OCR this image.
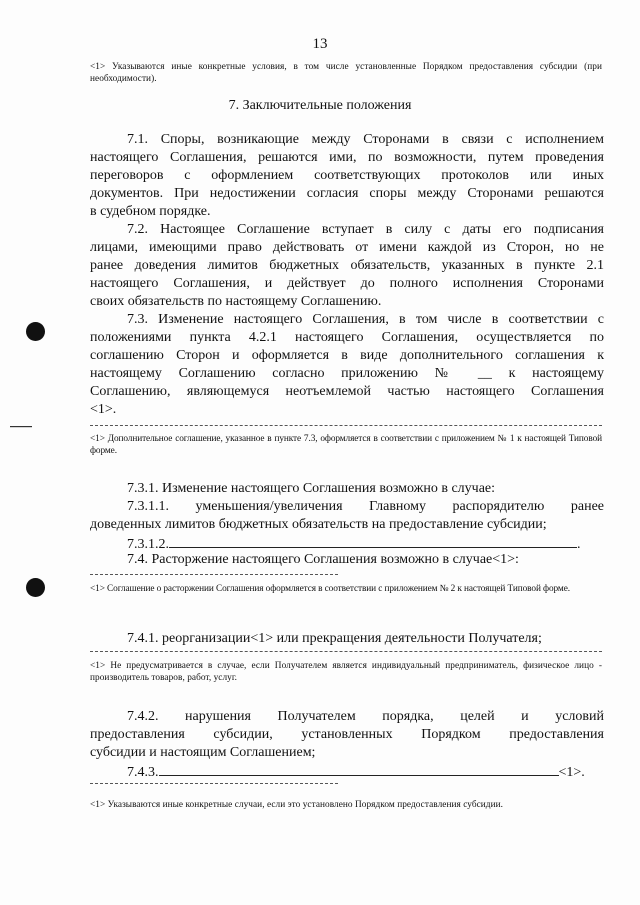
13
<1> Указываются иные конкретные условия, в том числе установленные Порядком предоставления субсидии (при необходимости).
7. Заключительные положения
7.1. Споры, возникающие между Сторонами в связи с исполнением
настоящего Соглашения, решаются ими, по возможности, путем проведения
переговоров с оформлением соответствующих протоколов или иных
документов. При недостижении согласия споры между Сторонами решаются
в судебном порядке.
7.2. Настоящее Соглашение вступает в силу с даты его подписания
лицами, имеющими право действовать от имени каждой из Сторон, но не
ранее доведения лимитов бюджетных обязательств, указанных в пункте 2.1
настоящего Соглашения, и действует до полного исполнения Сторонами
своих обязательств по настоящему Соглашению.
7.3. Изменение настоящего Соглашения, в том числе в соответствии с
положениями пункта 4.2.1 настоящего Соглашения, осуществляется по
соглашению Сторон и оформляется в виде дополнительного соглашения к
настоящему Соглашению согласно приложению № __ к настоящему
Соглашению, являющемуся неотъемлемой частью настоящего Соглашения
<1>.
<1> Дополнительное соглашение, указанное в пункте 7.3, оформляется в соответствии с приложением № 1 к настоящей Типовой форме.
7.3.1. Изменение настоящего Соглашения возможно в случае:
7.3.1.1. уменьшения/увеличения Главному распорядителю ранее
доведенных лимитов бюджетных обязательств на предоставление субсидии;
7.3.1.2.	.
7.4. Расторжение настоящего Соглашения возможно в случае<1>:
<1> Соглашение о расторжении Соглашения оформляется в соответствии с приложением № 2 к настоящей Типовой форме.
7.4.1. реорганизации<1> или прекращения деятельности Получателя;
<1> Не предусматривается в случае, если Получателем является индивидуальный предприниматель, физическое лицо - производитель товаров, работ, услуг.
7.4.2. нарушения Получателем порядка, целей и условий
предоставления субсидии, установленных Порядком предоставления
субсидии и настоящим Соглашением;
7.4.3.	<1>.
<1> Указываются иные конкретные случаи, если это установлено Порядком предоставления субсидии.
